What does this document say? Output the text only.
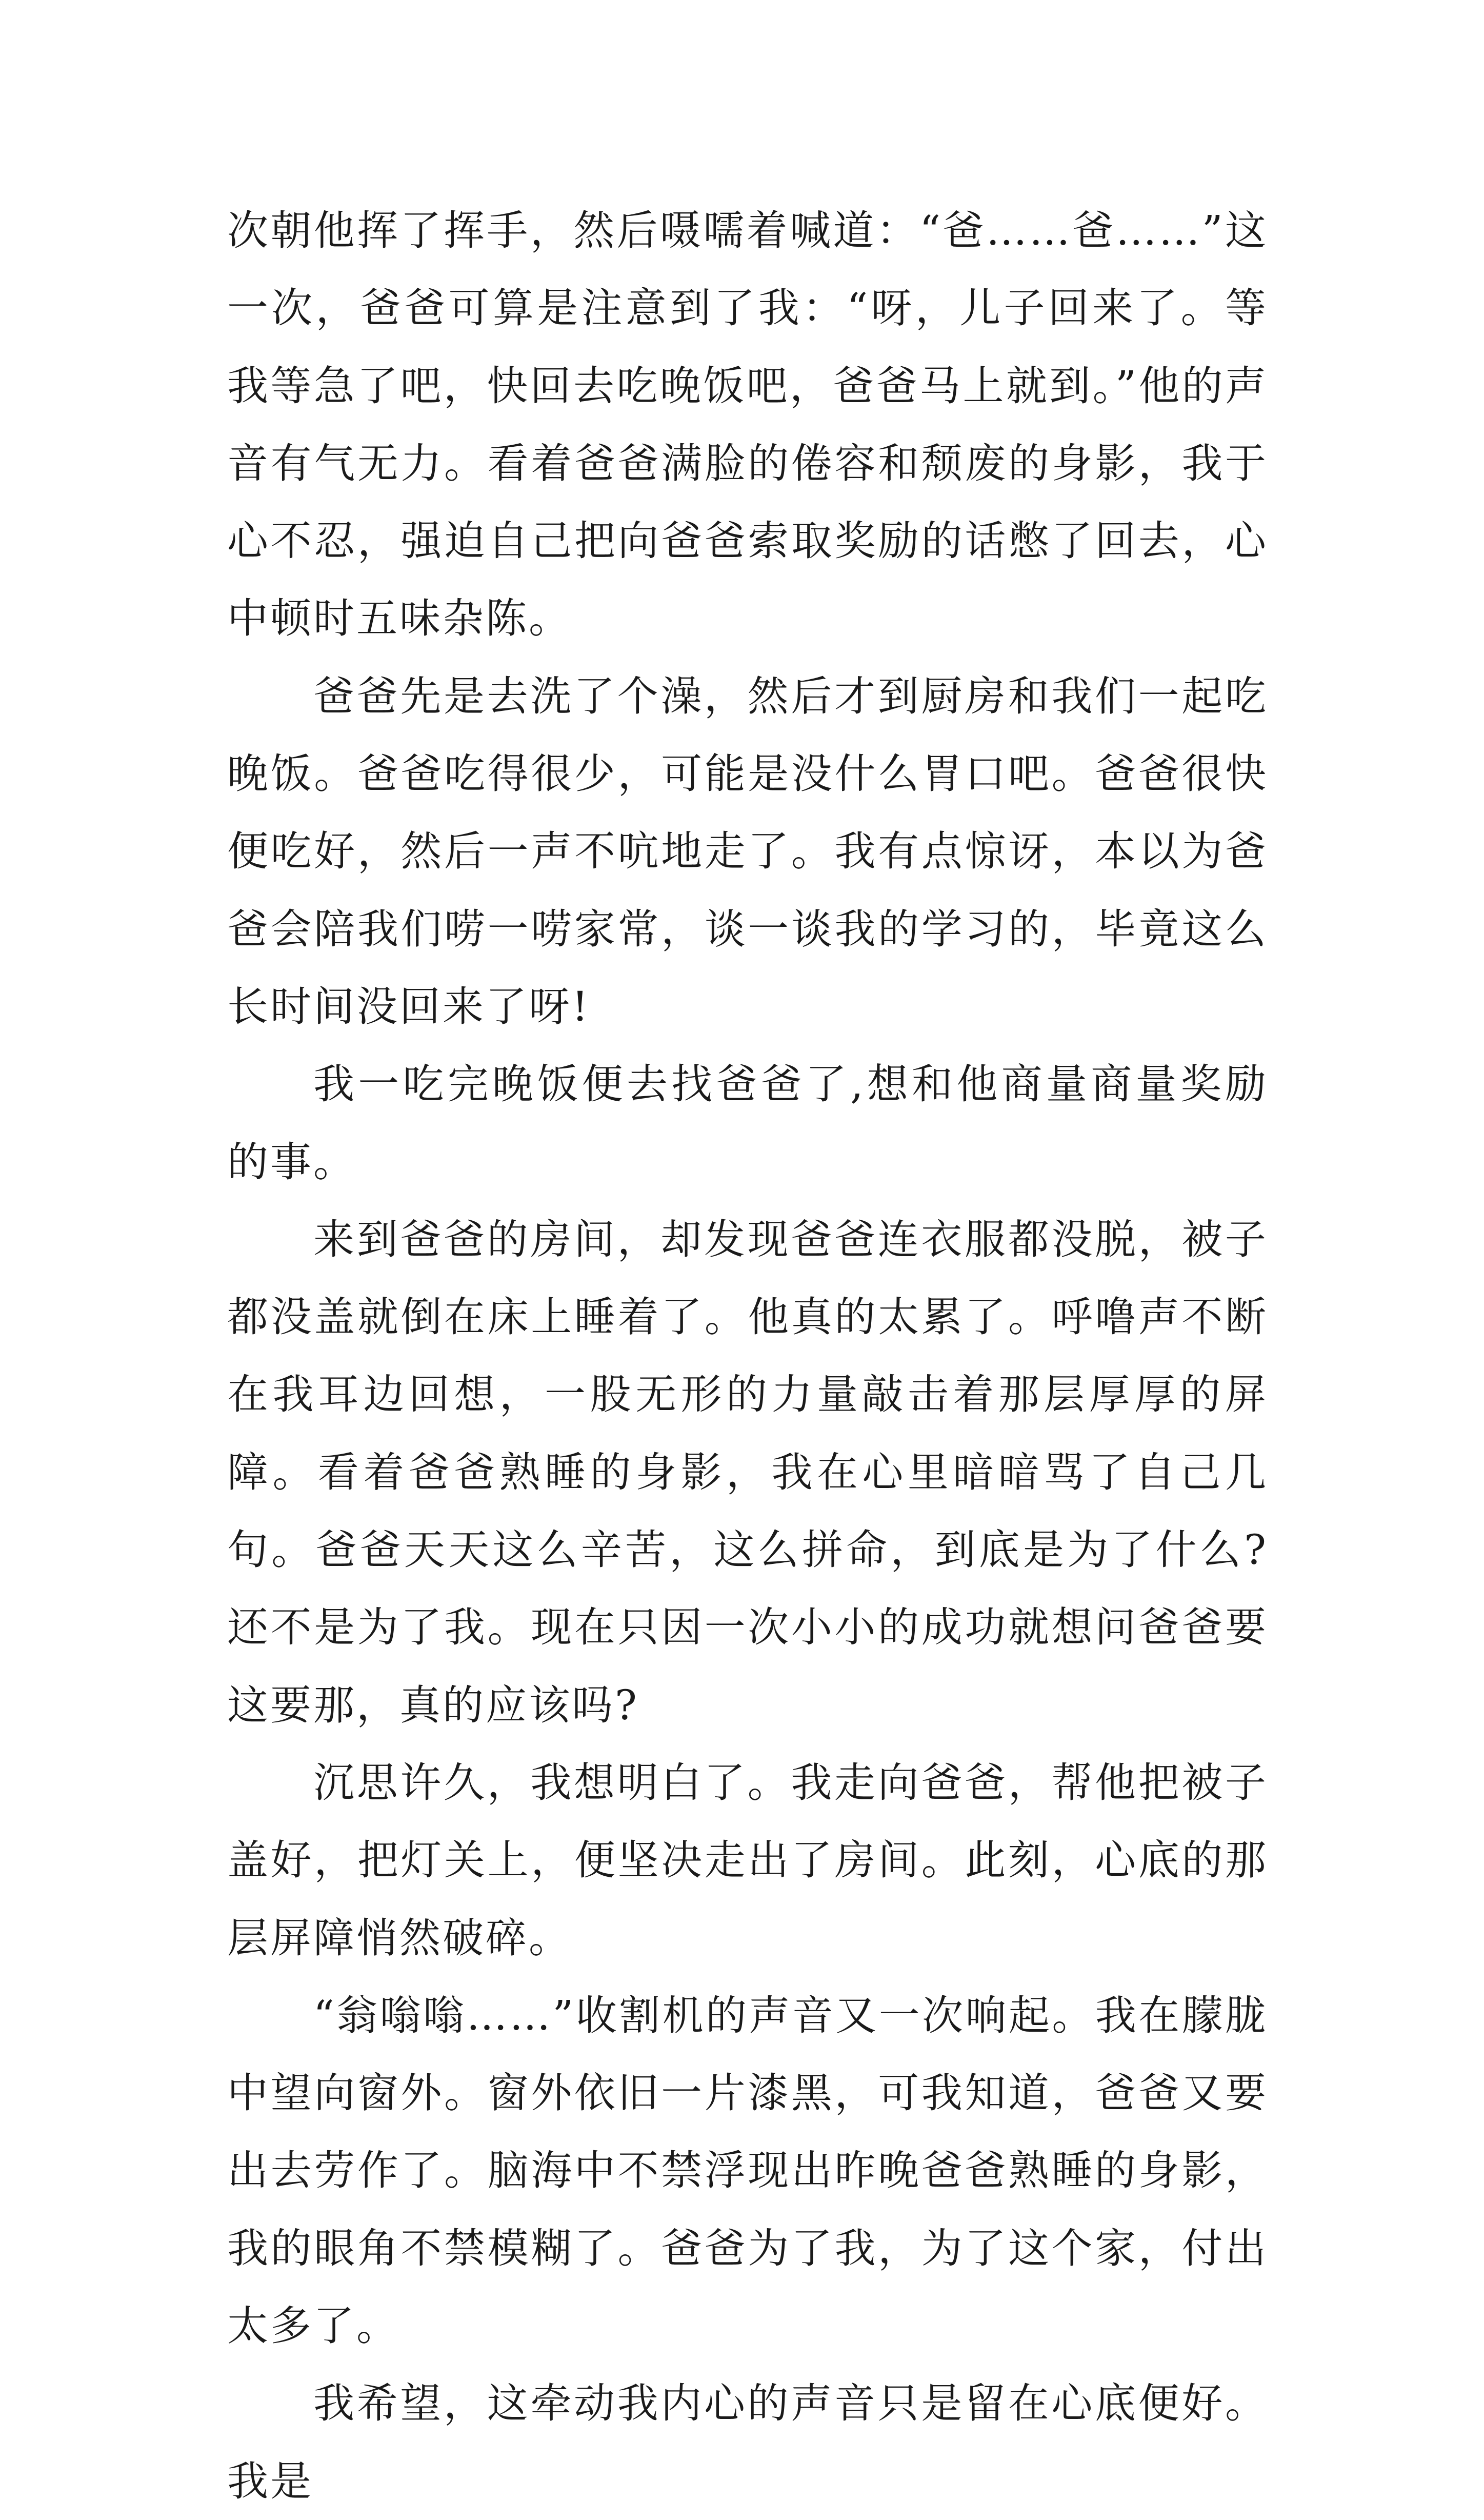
次朝他挥了挥手，然后嗫嚅着喊道：“爸……爸……”这一次，爸爸可算是注意到了我：“呀，儿子回来了。等我等急了吧，快回去吃晚饭吧，爸爸马上就到。”他的声音有气无力。看着爸爸满脸的倦容和颓废的身影，我于心不忍，强迫自己把向爸爸索取奖励的话憋了回去，心中顿时五味杂陈。

爸爸先是去洗了个澡，然后才到厨房和我们一起吃晚饭。爸爸吃得很少，可能是没什么胃口吧。爸爸很快便吃好，然后一声不吭地走了。我有点惊讶，本以为爸爸会陪我们唠一唠家常，谈一谈我的学习的，毕竟这么长时间没回来了呀!

我一吃完晚饭便去找爸爸了,想和他商量商量奖励的事。

来到爸爸的房间，却发现爸爸连衣服都没脱，被子都没盖就倒在床上睡着了。他真的太累了。呼噜声不断在我耳边回想，一股无形的力量敲击着那层厚厚的屏障。看着爸爸熟睡的身影，我在心里暗暗骂了自己几句。爸爸天天这么辛苦，这么拼命，到底是为了什么?还不是为了我。现在只因一次小小的成功就想问爸爸要这要那，真的应该吗?

沉思许久，我想明白了。我走向爸爸，帮他把被子盖好，把灯关上，便坚决走出了房间。此刻，心底的那层屏障悄然破碎。

“翁嗡嗡……”收割机的声音又一次响起。我在朦胧中望向窗外。窗外依旧一片漆黑，可我知道，爸爸又要出去劳作了。脑海中不禁浮现出昨晚爸爸熟睡的身影，我的眼角不禁模糊了。爸爸为了我，为了这个家，付出太多了。

我希望，这牵动我内心的声音只是留在心底便好。我是
